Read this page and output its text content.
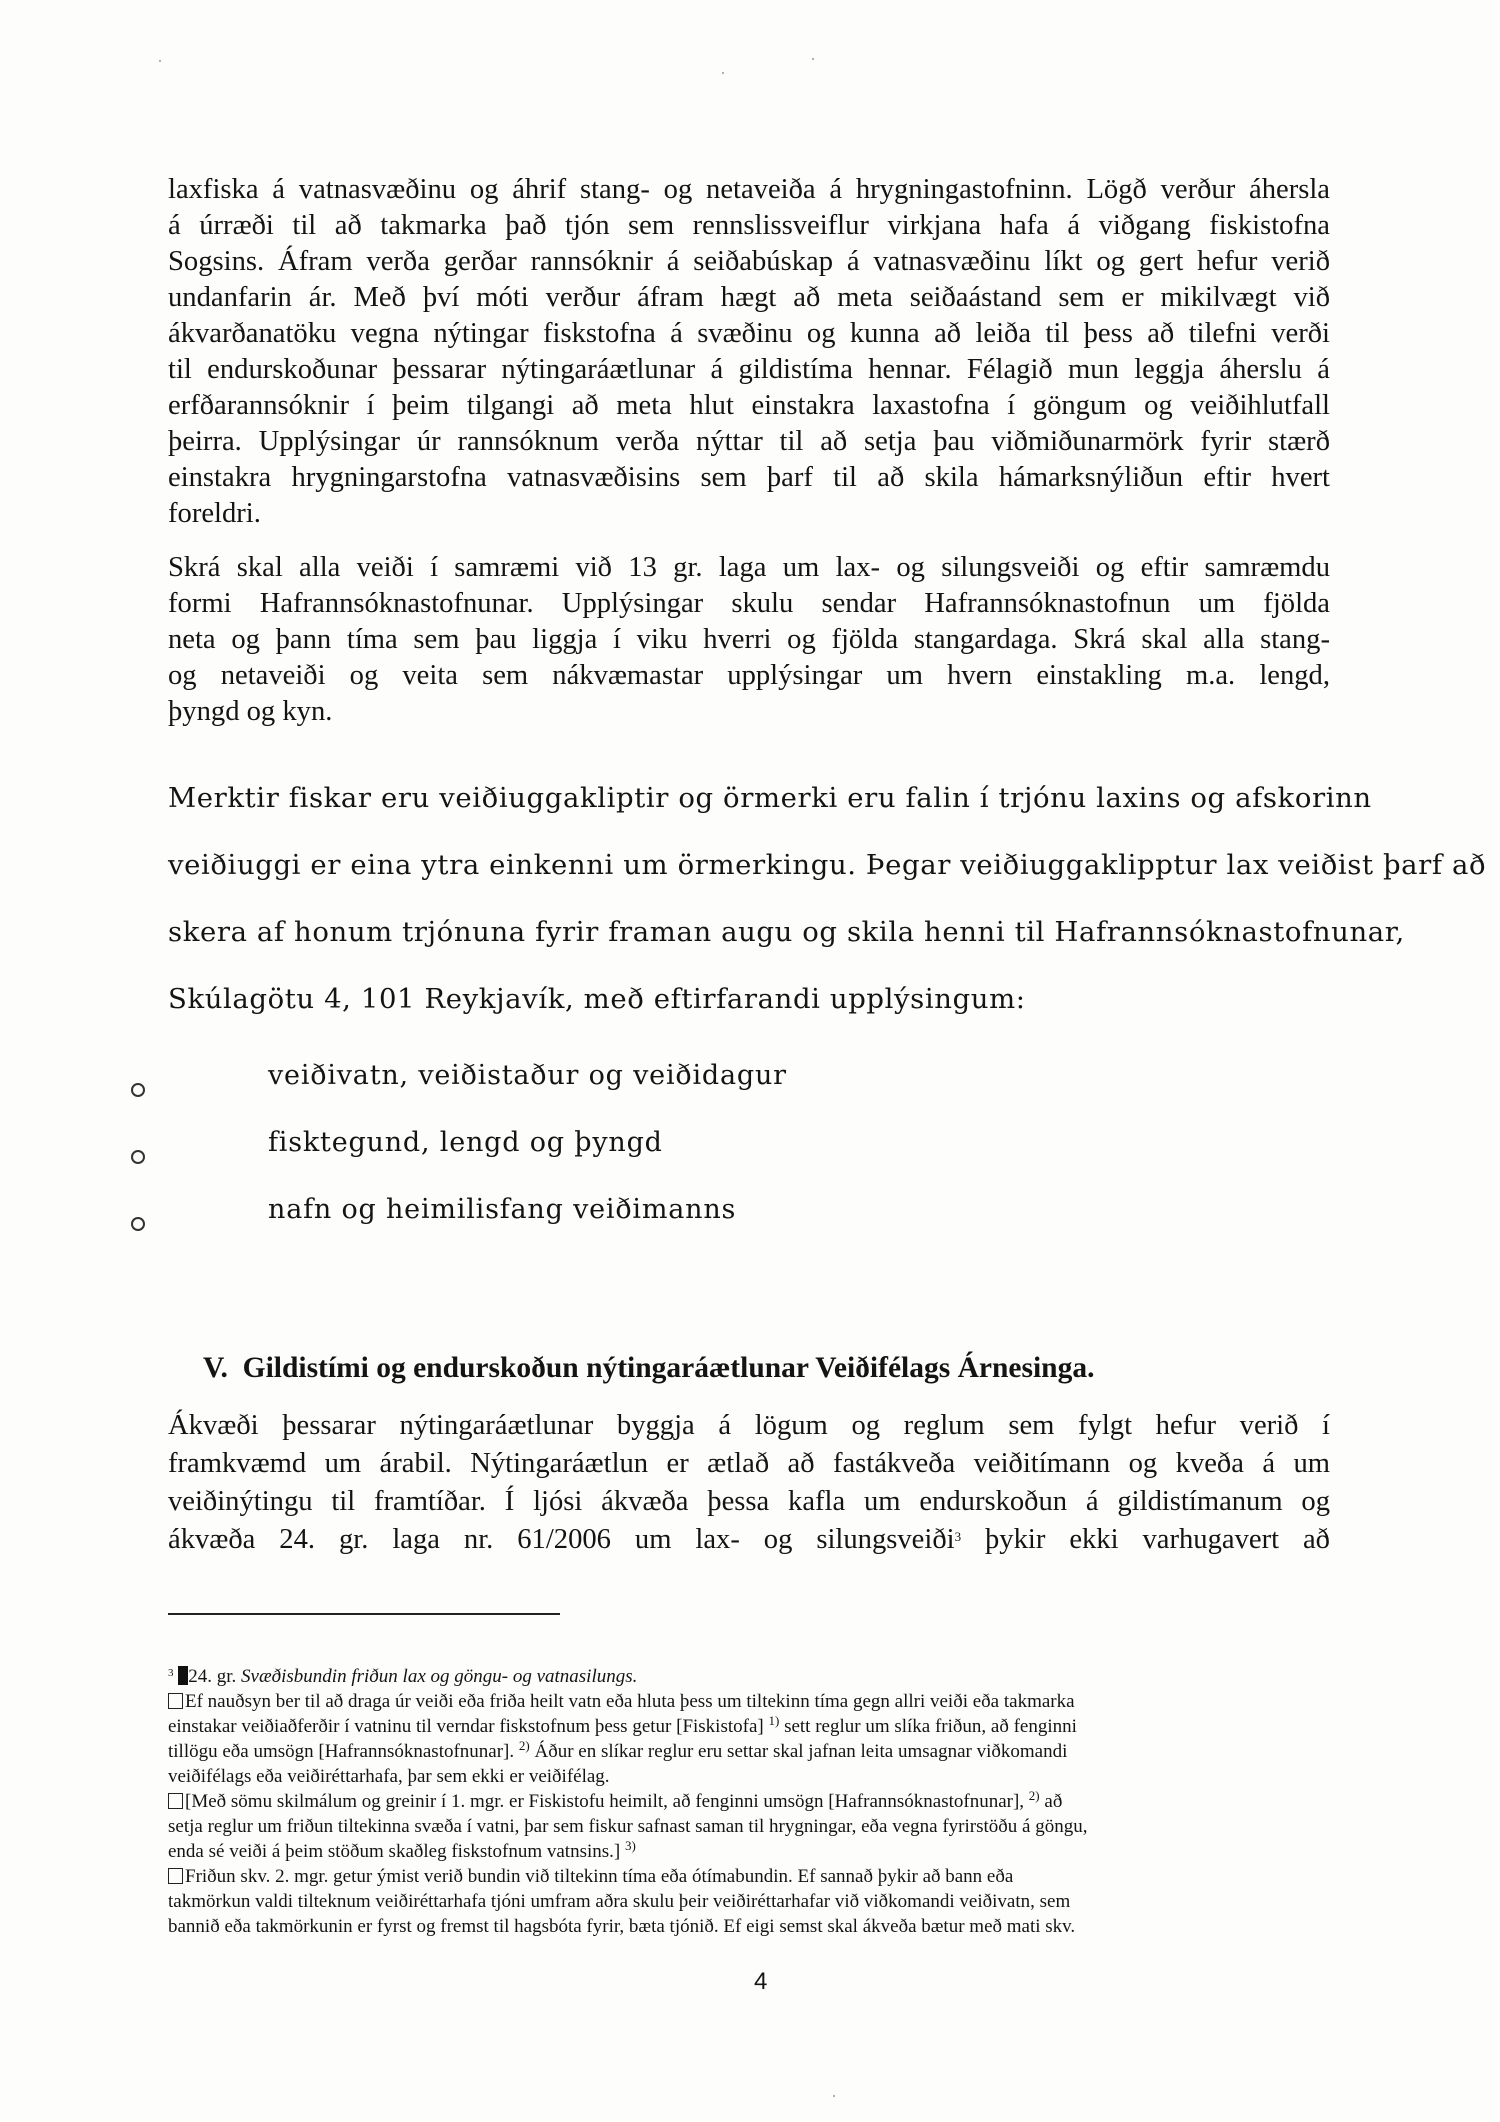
laxfiska á vatnasvæðinu og áhrif stang- og netaveiða á hrygningastofninn. Lögð verður áhersla
á úrræði til að takmarka það tjón sem rennslissveiflur virkjana hafa á viðgang fiskistofna
Sogsins. Áfram verða gerðar rannsóknir á seiðabúskap á vatnasvæðinu líkt og gert hefur verið
undanfarin ár. Með því móti verður áfram hægt að meta seiðaástand sem er mikilvægt við
ákvarðanatöku vegna nýtingar fiskstofna á svæðinu og kunna að leiða til þess að tilefni verði
til endurskoðunar þessarar nýtingaráætlunar á gildistíma hennar. Félagið mun leggja áherslu á
erfðarannsóknir í þeim tilgangi að meta hlut einstakra laxastofna í göngum og veiðihlutfall
þeirra. Upplýsingar úr rannsóknum verða nýttar til að setja þau viðmiðunarmörk fyrir stærð
einstakra hrygningarstofna vatnasvæðisins sem þarf til að skila hámarksnýliðun eftir hvert
foreldri.
Skrá skal alla veiði í samræmi við 13 gr. laga um lax- og silungsveiði og eftir samræmdu
formi Hafrannsóknastofnunar. Upplýsingar skulu sendar Hafrannsóknastofnun um fjölda
neta og þann tíma sem þau liggja í viku hverri og fjölda stangardaga. Skrá skal alla stang-
og netaveiði og veita sem nákvæmastar upplýsingar um hvern einstakling m.a. lengd,
þyngd og kyn.
Merktir fiskar eru veiðiuggakliptir og örmerki eru falin í trjónu laxins og afskorinn
veiðiuggi er eina ytra einkenni um örmerkingu. Þegar veiðiuggaklipptur lax veiðist þarf að
skera af honum trjónuna fyrir framan augu og skila henni til Hafrannsóknastofnunar,
Skúlagötu 4, 101 Reykjavík, með eftirfarandi upplýsingum:
veiðivatn, veiðistaður og veiðidagur
fisktegund, lengd og þyngd
nafn og heimilisfang veiðimanns
V.  Gildistími og endurskoðun nýtingaráætlunar Veiðifélags Árnesinga.
Ákvæði þessarar nýtingaráætlunar byggja á lögum og reglum sem fylgt hefur verið í
framkvæmd um árabil. Nýtingaráætlun er ætlað að fastákveða veiðitímann og kveða á um
veiðinýtingu til framtíðar. Í ljósi ákvæða þessa kafla um endurskoðun á gildistímanum og
ákvæða 24. gr. laga nr. 61/2006 um lax- og silungsveiði$^3$ þykir ekki varhugavert að
$^3$ 24. gr. Svæðisbundin friðun lax og göngu- og vatnasilungs.
Ef nauðsyn ber til að draga úr veiði eða friða heilt vatn eða hluta þess um tiltekinn tíma gegn allri veiði eða takmarka
einstakar veiðiaðferðir í vatninu til verndar fiskstofnum þess getur [Fiskistofa] $^{1)}$ sett reglur um slíka friðun, að fenginni
tillögu eða umsögn [Hafrannsóknastofnunar]. $^{2)}$ Áður en slíkar reglur eru settar skal jafnan leita umsagnar viðkomandi
veiðifélags eða veiðiréttarhafa, þar sem ekki er veiðifélag.
[Með sömu skilmálum og greinir í 1. mgr. er Fiskistofu heimilt, að fenginni umsögn [Hafrannsóknastofnunar], $^{2)}$ að
setja reglur um friðun tiltekinna svæða í vatni, þar sem fiskur safnast saman til hrygningar, eða vegna fyrirstöðu á göngu,
enda sé veiði á þeim stöðum skaðleg fiskstofnum vatnsins.] $^{3)}$
Friðun skv. 2. mgr. getur ýmist verið bundin við tiltekinn tíma eða ótímabundin. Ef sannað þykir að bann eða
takmörkun valdi tilteknum veiðiréttarhafa tjóni umfram aðra skulu þeir veiðiréttarhafar við viðkomandi veiðivatn, sem
bannið eða takmörkunin er fyrst og fremst til hagsbóta fyrir, bæta tjónið. Ef eigi semst skal ákveða bætur með mati skv.
4
